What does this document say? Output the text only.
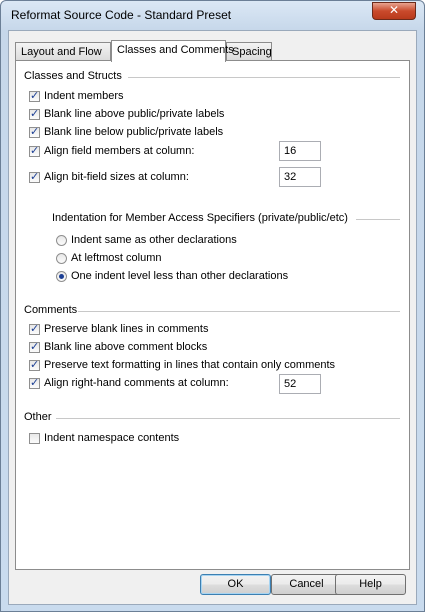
Reformat Source Code - Standard Preset	✕
Layout and Flow	Classes and Comments
Spacing
Classes and Structs
✓
Indent members
✓
Blank line above public/private labels
✓
Blank line below public/private labels
✓
Align field members at column:	16
✓
Align bit-field sizes at column:	32
Indentation for Member Access Specifiers (private/public/etc)
Indent same as other declarations
At leftmost column
One indent level less than other declarations
Comments
✓
Preserve blank lines in comments
✓
Blank line above comment blocks
✓
Preserve text formatting in lines that contain only comments
✓
Align right-hand comments at column:	52
Other
Indent namespace contents
OK	Cancel	Help
